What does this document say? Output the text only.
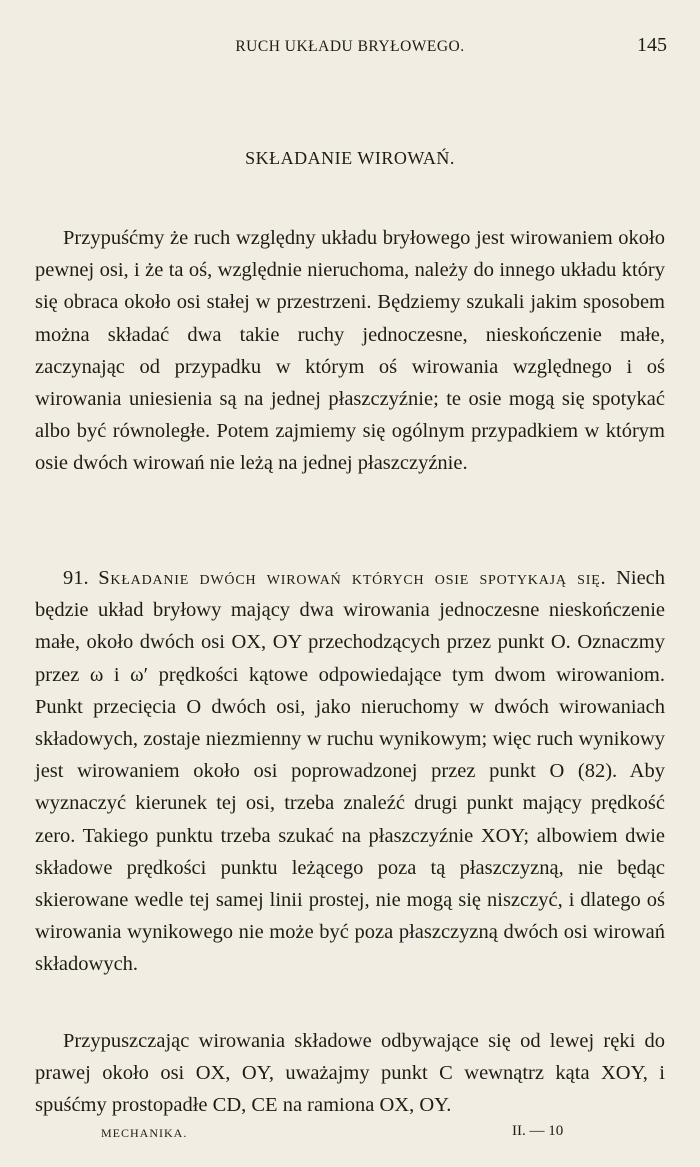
RUCH UKŁADU BRYŁOWEGO.	145
SKŁADANIE WIROWAŃ.

Przypuśćmy że ruch względny układu bryłowego jest wirowaniem około pewnej osi, i że ta oś, względnie nieruchoma, należy do innego układu który się obraca około osi stałej w przestrzeni. Będziemy szukali jakim sposobem można składać dwa takie ruchy jednoczesne, nieskończenie małe, zaczynając od przypadku w którym oś wirowania względnego i oś wirowania uniesienia są na jednej płaszczyźnie; te osie mogą się spotykać albo być równoległe. Potem zajmiemy się ogólnym przypadkiem w którym osie dwóch wirowań nie leżą na jednej płaszczyźnie.

91. Składanie dwóch wirowań których osie spotykają się. Niech będzie układ bryłowy mający dwa wirowania jednoczesne nieskończenie małe, około dwóch osi OX, OY przechodzących przez punkt O. Oznaczmy przez ω i ω′ prędkości kątowe odpowiedające tym dwom wirowaniom. Punkt przecięcia O dwóch osi, jako nieruchomy w dwóch wirowaniach składowych, zostaje niezmienny w ruchu wynikowym; więc ruch wynikowy jest wirowaniem około osi poprowadzonej przez punkt O (82). Aby wyznaczyć kierunek tej osi, trzeba znaleźć drugi punkt mający prędkość zero. Takiego punktu trzeba szukać na płaszczyźnie XOY; albowiem dwie składowe prędkości punktu leżącego poza tą płaszczyzną, nie będąc skierowane wedle tej samej linii prostej, nie mogą się niszczyć, i dlatego oś wirowania wynikowego nie może być poza płaszczyzną dwóch osi wirowań składowych.

Przypuszczając wirowania składowe odbywające się od lewej ręki do prawej około osi OX, OY, uważajmy punkt C wewnątrz kąta XOY, i spuśćmy prostopadłe CD, CE na ramiona OX, OY.

MECHANIKA.	II. — 10
